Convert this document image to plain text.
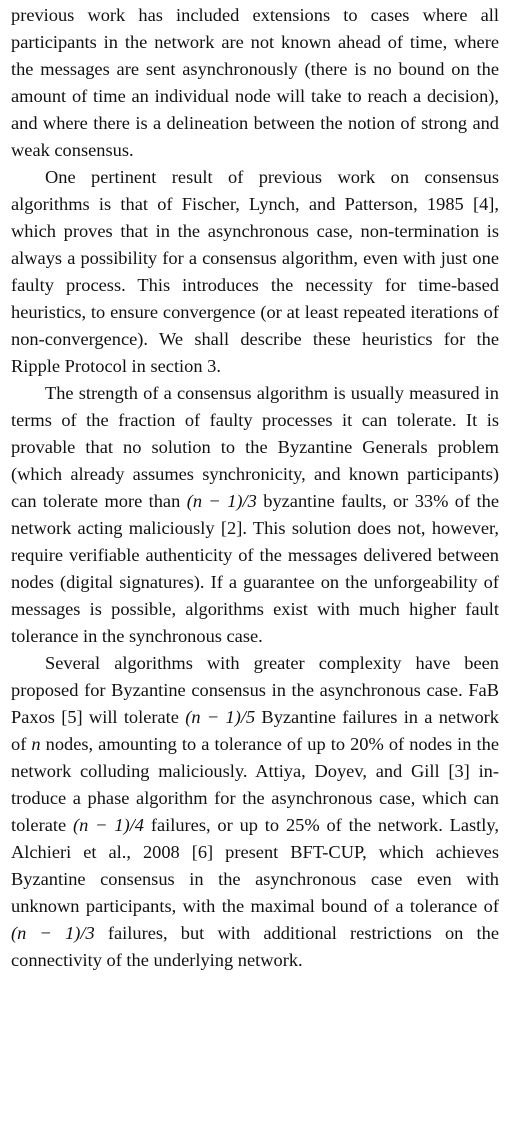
previous work has included extensions to cases where all participants in the network are not known ahead of time, where the messages are sent asynchronously (there is no bound on the amount of time an individual node will take to reach a decision), and where there is a delineation between the notion of strong and weak consensus.

One pertinent result of previous work on consensus algorithms is that of Fischer, Lynch, and Patterson, 1985 [4], which proves that in the asynchronous case, non-termination is always a possibility for a consensus algorithm, even with just one faulty process. This introduces the necessity for time-based heuristics, to ensure convergence (or at least repeated iterations of non-convergence). We shall describe these heuristics for the Ripple Protocol in section 3.

The strength of a consensus algorithm is usually measured in terms of the fraction of faulty processes it can tolerate. It is provable that no solution to the Byzantine Generals problem (which already assumes synchronicity, and known participants) can tolerate more than (n − 1)/3 byzantine faults, or 33% of the network acting maliciously [2]. This solution does not, however, require verifiable authenticity of the messages delivered between nodes (digital signatures). If a guarantee on the unforgeability of messages is possible, algorithms exist with much higher fault tolerance in the synchronous case.

Several algorithms with greater complexity have been proposed for Byzantine consensus in the asynchronous case. FaB Paxos [5] will tolerate (n − 1)/5 Byzantine failures in a network of n nodes, amounting to a tolerance of up to 20% of nodes in the network colluding maliciously. Attiya, Doyev, and Gill [3] introduce a phase algorithm for the asynchronous case, which can tolerate (n − 1)/4 failures, or up to 25% of the network. Lastly, Alchieri et al., 2008 [6] present BFT-CUP, which achieves Byzantine consensus in the asynchronous case even with unknown participants, with the maximal bound of a tolerance of (n − 1)/3 failures, but with additional restrictions on the connectivity of the underlying network.
